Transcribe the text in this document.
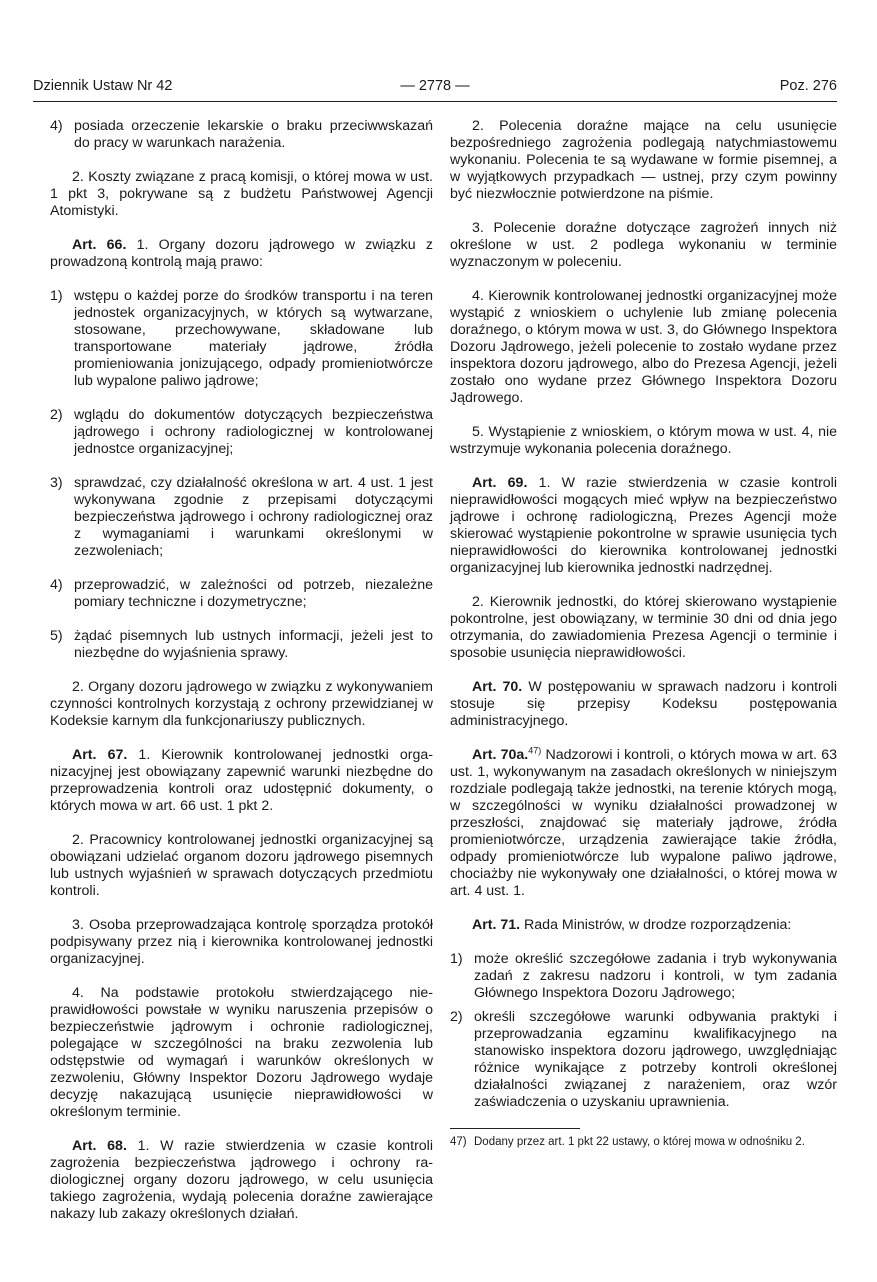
Dziennik Ustaw Nr 42	— 2778 —	Poz. 276
4) posiada orzeczenie lekarskie o braku przeciwwskazań do pracy w warunkach narażenia.

2. Koszty związane z pracą komisji, o której mowa w ust. 1 pkt 3, pokrywane są z budżetu Państwowej Agencji Atomistyki.

Art. 66. 1. Organy dozoru jądrowego w związku z prowadzoną kontrolą mają prawo:

1) wstępu o każdej porze do środków transportu i na teren jednostek organizacyjnych, w których są wytwarzane, stosowane, przechowywane, składowane lub transportowane materiały jądrowe, źródła promieniowania jonizującego, odpady promieniotwórcze lub wypalone paliwo jądrowe;
2) wglądu do dokumentów dotyczących bezpieczeństwa jądrowego i ochrony radiologicznej w kontrolowanej jednostce organizacyjnej;
3) sprawdzać, czy działalność określona w art. 4 ust. 1 jest wykonywana zgodnie z przepisami dotyczącymi bezpieczeństwa jądrowego i ochrony radiologicznej oraz z wymaganiami i warunkami określonymi w zezwoleniach;
4) przeprowadzić, w zależności od potrzeb, niezależne pomiary techniczne i dozymetryczne;
5) żądać pisemnych lub ustnych informacji, jeżeli jest to niezbędne do wyjaśnienia sprawy.

2. Organy dozoru jądrowego w związku z wykonywaniem czynności kontrolnych korzystają z ochrony przewidzianej w Kodeksie karnym dla funkcjonariuszy publicznych.

Art. 67. 1. Kierownik kontrolowanej jednostki organizacyjnej jest obowiązany zapewnić warunki niezbędne do przeprowadzenia kontroli oraz udostępnić dokumenty, o których mowa w art. 66 ust. 1 pkt 2.

2. Pracownicy kontrolowanej jednostki organizacyjnej są obowiązani udzielać organom dozoru jądrowego pisemnych lub ustnych wyjaśnień w sprawach dotyczących przedmiotu kontroli.

3. Osoba przeprowadzająca kontrolę sporządza protokół podpisywany przez nią i kierownika kontrolowanej jednostki organizacyjnej.

4. Na podstawie protokołu stwierdzającego nieprawidłowości powstałe w wyniku naruszenia przepisów o bezpieczeństwie jądrowym i ochronie radiologicznej, polegające w szczególności na braku zezwolenia lub odstępstwie od wymagań i warunków określonych w zezwoleniu, Główny Inspektor Dozoru Jądrowego wydaje decyzję nakazującą usunięcie nieprawidłowości w określonym terminie.

Art. 68. 1. W razie stwierdzenia w czasie kontroli zagrożenia bezpieczeństwa jądrowego i ochrony radiologicznej organy dozoru jądrowego, w celu usunięcia takiego zagrożenia, wydają polecenia doraźne zawierające nakazy lub zakazy określonych działań.

2. Polecenia doraźne mające na celu usunięcie bezpośredniego zagrożenia podlegają natychmiastowemu wykonaniu. Polecenia te są wydawane w formie pisemnej, a w wyjątkowych przypadkach — ustnej, przy czym powinny być niezwłocznie potwierdzone na piśmie.

3. Polecenie doraźne dotyczące zagrożeń innych niż określone w ust. 2 podlega wykonaniu w terminie wyznaczonym w poleceniu.

4. Kierownik kontrolowanej jednostki organizacyjnej może wystąpić z wnioskiem o uchylenie lub zmianę polecenia doraźnego, o którym mowa w ust. 3, do Głównego Inspektora Dozoru Jądrowego, jeżeli polecenie to zostało wydane przez inspektora dozoru jądrowego, albo do Prezesa Agencji, jeżeli zostało ono wydane przez Głównego Inspektora Dozoru Jądrowego.

5. Wystąpienie z wnioskiem, o którym mowa w ust. 4, nie wstrzymuje wykonania polecenia doraźnego.

Art. 69. 1. W razie stwierdzenia w czasie kontroli nieprawidłowości mogących mieć wpływ na bezpieczeństwo jądrowe i ochronę radiologiczną, Prezes Agencji może skierować wystąpienie pokontrolne w sprawie usunięcia tych nieprawidłowości do kierownika kontrolowanej jednostki organizacyjnej lub kierownika jednostki nadrzędnej.

2. Kierownik jednostki, do której skierowano wystąpienie pokontrolne, jest obowiązany, w terminie 30 dni od dnia jego otrzymania, do zawiadomienia Prezesa Agencji o terminie i sposobie usunięcia nieprawidłowości.

Art. 70. W postępowaniu w sprawach nadzoru i kontroli stosuje się przepisy Kodeksu postępowania administracyjnego.

Art. 70a.$^{47)}$ Nadzorowi i kontroli, o których mowa w art. 63 ust. 1, wykonywanym na zasadach określonych w niniejszym rozdziale podlegają także jednostki, na terenie których mogą, w szczególności w wyniku działalności prowadzonej w przeszłości, znajdować się materiały jądrowe, źródła promieniotwórcze, urządzenia zawierające takie źródła, odpady promieniotwórcze lub wypalone paliwo jądrowe, chociażby nie wykonywały one działalności, o której mowa w art. 4 ust. 1.

Art. 71. Rada Ministrów, w drodze rozporządzenia:

1) może określić szczegółowe zadania i tryb wykonywania zadań z zakresu nadzoru i kontroli, w tym zadania Głównego Inspektora Dozoru Jądrowego;
2) określi szczegółowe warunki odbywania praktyki i przeprowadzania egzaminu kwalifikacyjnego na stanowisko inspektora dozoru jądrowego, uwzględniając różnice wynikające z potrzeby kontroli określonej działalności związanej z narażeniem, oraz wzór zaświadczenia o uzyskaniu uprawnienia.
47) Dodany przez art. 1 pkt 22 ustawy, o której mowa w odnośniku 2.
